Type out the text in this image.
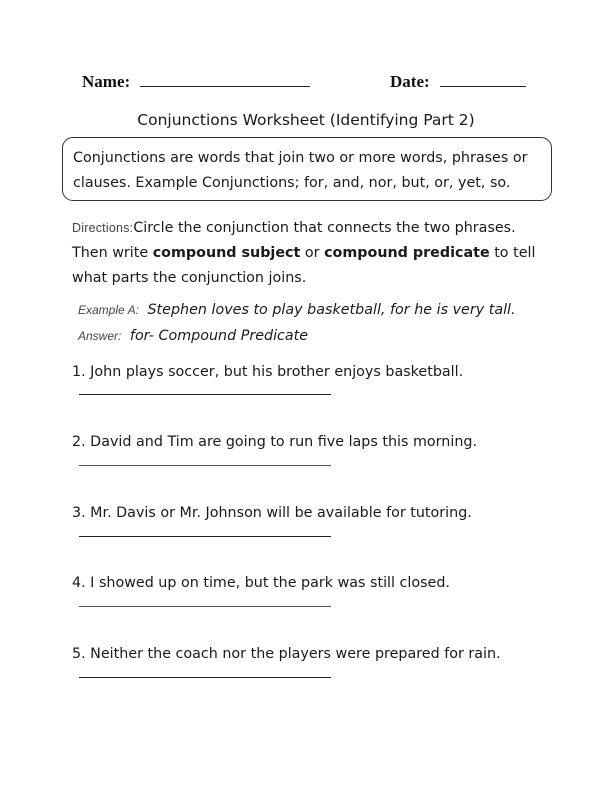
Name:	Date:
Conjunctions Worksheet (Identifying Part 2)
Conjunctions are words that join two or more words, phrases or
clauses. Example Conjunctions; for, and, nor, but, or, yet, so.
Directions:Circle the conjunction that connects the two phrases. Then write compound subject or compound predicate to tell what parts the conjunction joins.
Example A: Stephen loves to play basketball, for he is very tall.
Answer: for- Compound Predicate
1. John plays soccer, but his brother enjoys basketball.
2. David and Tim are going to run five laps this morning.
3. Mr. Davis or Mr. Johnson will be available for tutoring.
4. I showed up on time, but the park was still closed.
5. Neither the coach nor the players were prepared for rain.
